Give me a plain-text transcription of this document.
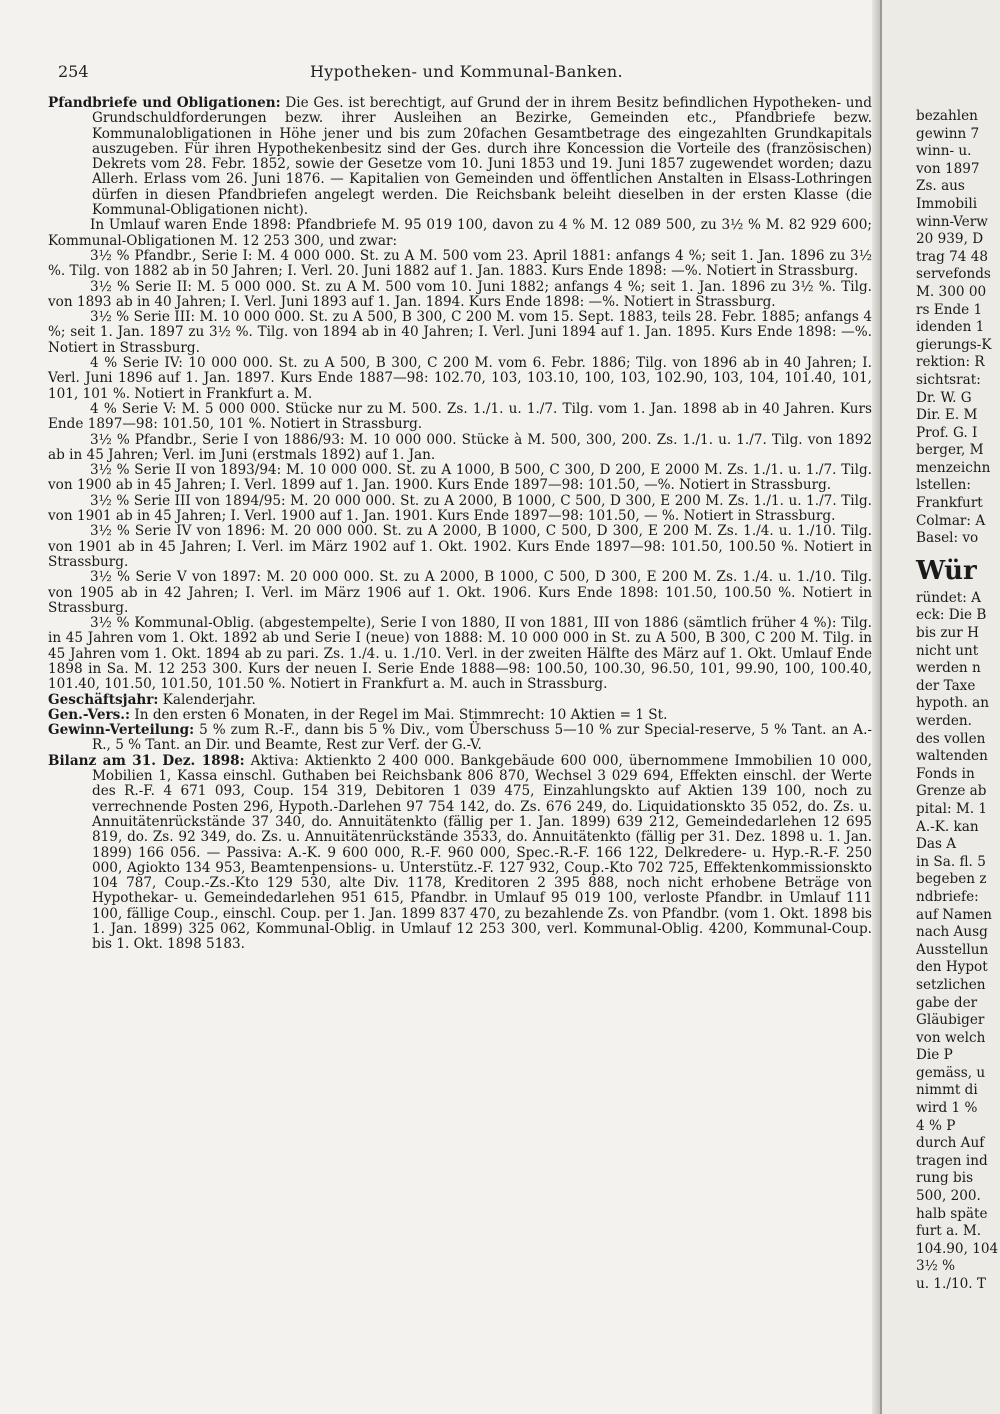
254	Hypotheken- und Kommunal-Banken.

Pfandbriefe und Obligationen: Die Ges. ist berechtigt, auf Grund der in ihrem Besitz befindlichen Hypotheken- und Grundschuldforderungen bezw. ihrer Ausleihen an Bezirke, Gemeinden etc., Pfandbriefe bezw. Kommunalobligationen in Höhe jener und bis zum 20fachen Gesamtbetrage des eingezahlten Grundkapitals auszugeben. Für ihren Hypothekenbesitz sind der Ges. durch ihre Koncession die Vorteile des (französischen) Dekrets vom 28. Febr. 1852, sowie der Gesetze vom 10. Juni 1853 und 19. Juni 1857 zugewendet worden; dazu Allerh. Erlass vom 26. Juni 1876. — Kapitalien von Gemeinden und öffentlichen Anstalten in Elsass-Lothringen dürfen in diesen Pfandbriefen angelegt werden. Die Reichsbank beleiht dieselben in der ersten Klasse (die Kommunal-Obligationen nicht).

In Umlauf waren Ende 1898: Pfandbriefe M. 95 019 100, davon zu 4 % M. 12 089 500, zu 3½ % M. 82 929 600; Kommunal-Obligationen M. 12 253 300, und zwar:

3½ % Pfandbr., Serie I: M. 4 000 000. St. zu A M. 500 vom 23. April 1881: anfangs 4 %; seit 1. Jan. 1896 zu 3½ %. Tilg. von 1882 ab in 50 Jahren; I. Verl. 20. Juni 1882 auf 1. Jan. 1883. Kurs Ende 1898: —%. Notiert in Strassburg.

3½ % Serie II: M. 5 000 000. St. zu A M. 500 vom 10. Juni 1882; anfangs 4 %; seit 1. Jan. 1896 zu 3½ %. Tilg. von 1893 ab in 40 Jahren; I. Verl. Juni 1893 auf 1. Jan. 1894. Kurs Ende 1898: —%. Notiert in Strassburg.

3½ % Serie III: M. 10 000 000. St. zu A 500, B 300, C 200 M. vom 15. Sept. 1883, teils 28. Febr. 1885; anfangs 4 %; seit 1. Jan. 1897 zu 3½ %. Tilg. von 1894 ab in 40 Jahren; I. Verl. Juni 1894 auf 1. Jan. 1895. Kurs Ende 1898: —%. Notiert in Strassburg.

4 % Serie IV: 10 000 000. St. zu A 500, B 300, C 200 M. vom 6. Febr. 1886; Tilg. von 1896 ab in 40 Jahren; I. Verl. Juni 1896 auf 1. Jan. 1897. Kurs Ende 1887—98: 102.70, 103, 103.10, 100, 103, 102.90, 103, 104, 101.40, 101, 101, 101 %. Notiert in Frankfurt a. M.

4 % Serie V: M. 5 000 000. Stücke nur zu M. 500. Zs. 1./1. u. 1./7. Tilg. vom 1. Jan. 1898 ab in 40 Jahren. Kurs Ende 1897—98: 101.50, 101 %. Notiert in Strassburg.

3½ % Pfandbr., Serie I von 1886/93: M. 10 000 000. Stücke à M. 500, 300, 200. Zs. 1./1. u. 1./7. Tilg. von 1892 ab in 45 Jahren; Verl. im Juni (erstmals 1892) auf 1. Jan.

3½ % Serie II von 1893/94: M. 10 000 000. St. zu A 1000, B 500, C 300, D 200, E 2000 M. Zs. 1./1. u. 1./7. Tilg. von 1900 ab in 45 Jahren; I. Verl. 1899 auf 1. Jan. 1900. Kurs Ende 1897—98: 101.50, —%. Notiert in Strassburg.

3½ % Serie III von 1894/95: M. 20 000 000. St. zu A 2000, B 1000, C 500, D 300, E 200 M. Zs. 1./1. u. 1./7. Tilg. von 1901 ab in 45 Jahren; I. Verl. 1900 auf 1. Jan. 1901. Kurs Ende 1897—98: 101.50, — %. Notiert in Strassburg.

3½ % Serie IV von 1896: M. 20 000 000. St. zu A 2000, B 1000, C 500, D 300, E 200 M. Zs. 1./4. u. 1./10. Tilg. von 1901 ab in 45 Jahren; I. Verl. im März 1902 auf 1. Okt. 1902. Kurs Ende 1897—98: 101.50, 100.50 %. Notiert in Strassburg.

3½ % Serie V von 1897: M. 20 000 000. St. zu A 2000, B 1000, C 500, D 300, E 200 M. Zs. 1./4. u. 1./10. Tilg. von 1905 ab in 42 Jahren; I. Verl. im März 1906 auf 1. Okt. 1906. Kurs Ende 1898: 101.50, 100.50 %. Notiert in Strassburg.

3½ % Kommunal-Oblig. (abgestempelte), Serie I von 1880, II von 1881, III von 1886 (sämtlich früher 4 %): Tilg. in 45 Jahren vom 1. Okt. 1892 ab und Serie I (neue) von 1888: M. 10 000 000 in St. zu A 500, B 300, C 200 M. Tilg. in 45 Jahren vom 1. Okt. 1894 ab zu pari. Zs. 1./4. u. 1./10. Verl. in der zweiten Hälfte des März auf 1. Okt. Umlauf Ende 1898 in Sa. M. 12 253 300. Kurs der neuen I. Serie Ende 1888—98: 100.50, 100.30, 96.50, 101, 99.90, 100, 100.40, 101.40, 101.50, 101.50, 101.50 %. Notiert in Frankfurt a. M. auch in Strassburg.

Geschäftsjahr: Kalenderjahr.

Gen.-Vers.: In den ersten 6 Monaten, in der Regel im Mai. Stimmrecht: 10 Aktien = 1 St.

Gewinn-Verteilung: 5 % zum R.-F., dann bis 5 % Div., vom Überschuss 5—10 % zur Special-reserve, 5 % Tant. an A.-R., 5 % Tant. an Dir. und Beamte, Rest zur Verf. der G.-V.

Bilanz am 31. Dez. 1898: Aktiva: Aktienkto 2 400 000. Bankgebäude 600 000, übernommene Immobilien 10 000, Mobilien 1, Kassa einschl. Guthaben bei Reichsbank 806 870, Wechsel 3 029 694, Effekten einschl. der Werte des R.-F. 4 671 093, Coup. 154 319, Debitoren 1 039 475, Einzahlungskto auf Aktien 139 100, noch zu verrechnende Posten 296, Hypoth.-Darlehen 97 754 142, do. Zs. 676 249, do. Liquidationskto 35 052, do. Zs. u. Annuitätenrückstände 37 340, do. Annuitätenkto (fällig per 1. Jan. 1899) 639 212, Gemeindedarlehen 12 695 819, do. Zs. 92 349, do. Zs. u. Annuitätenrückstände 3533, do. Annuitätenkto (fällig per 31. Dez. 1898 u. 1. Jan. 1899) 166 056. — Passiva: A.-K. 9 600 000, R.-F. 960 000, Spec.-R.-F. 166 122, Delkredere- u. Hyp.-R.-F. 250 000, Agiokto 134 953, Beamtenpensions- u. Unterstütz.-F. 127 932, Coup.-Kto 702 725, Effektenkommissionskto 104 787, Coup.-Zs.-Kto 129 530, alte Div. 1178, Kreditoren 2 395 888, noch nicht erhobene Beträge von Hypothekar- u. Gemeindedarlehen 951 615, Pfandbr. in Umlauf 95 019 100, verloste Pfandbr. in Umlauf 111 100, fällige Coup., einschl. Coup. per 1. Jan. 1899 837 470, zu bezahlende Zs. von Pfandbr. (vom 1. Okt. 1898 bis 1. Jan. 1899) 325 062, Kommunal-Oblig. in Umlauf 12 253 300, verl. Kommunal-Oblig. 4200, Kommunal-Coup. bis 1. Okt. 1898 5183.

bezahlen
gewinn 7
winn- u.
von 1897
Zs. aus
Immobili
winn-Verw
20 939, D
trag 74 48
servefonds
M. 300 00
rs Ende 1
idenden 1
gierungs-K
rektion: R
sichtsrat:
Dr. W. G
Dir. E. M
Prof. G. I
berger, M
menzeichn
lstellen:
Frankfurt
Colmar: A
Basel: vo
Wür
ründet: A
eck: Die B
bis zur H
nicht unt
werden n
der Taxe
hypoth. an
werden.
des vollen
waltenden
Fonds in
Grenze ab
pital: M. 1
A.-K. kan
Das A
in Sa. fl. 5
begeben z
ndbriefe:
auf Namen
nach Ausg
Ausstellun
den Hypot
setzlichen
gabe der
Gläubiger
von welch
Die P
gemäss, u
nimmt di
wird 1 %
4 % P
durch Auf
tragen ind
rung bis
500, 200.
halb späte
furt a. M.
104.90, 104
3½ %
u. 1./10. T
